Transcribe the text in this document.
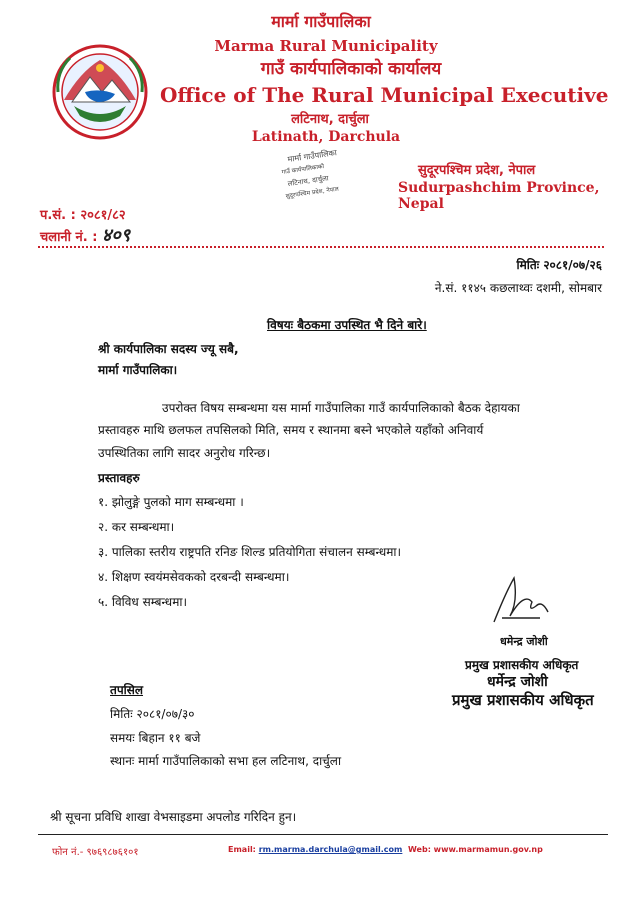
मार्मा गाउँपालिका
Marma Rural Municipality
गाउँ कार्यपालिकाको कार्यालय
Office of The Rural Municipal Executive
लटिनाथ, दार्चुला
Latinath, Darchula
मार्मा गाउँपालिका
गाउँ कार्यपालिकाको
लटिनाथ, दार्चुला
सुदूरपश्चिम प्रदेश, नेपाल
सुदूरपश्चिम प्रदेश, नेपाल
Sudurpashchim Province, Nepal
प.सं. : २०८१/८२
चलानी नं. : ४०९
मितिः २०८१/०७/२६
ने.सं. ११४५ कछलाथ्वः दशमी, सोमबार
विषयः बैठकमा उपस्थित भै दिने बारे।
श्री कार्यपालिका सदस्य ज्यू सबै,
मार्मा गाउँपालिका।
उपरोक्त विषय सम्बन्धमा यस मार्मा गाउँपालिका गाउँ कार्यपालिकाको बैठक देहायका
प्रस्तावहरु माथि छलफल तपसिलको मिति, समय र स्थानमा बस्ने भएकोले यहाँको अनिवार्य
उपस्थितिका लागि सादर अनुरोध गरिन्छ।
प्रस्तावहरु
१. झोलुङ्गे पुलको माग सम्बन्धमा ।
२. कर सम्बन्धमा।
३. पालिका स्तरीय राष्ट्रपति रनिङ शिल्ड प्रतियोगिता संचालन सम्बन्धमा।
४. शिक्षण स्वयंमसेवकको दरबन्दी सम्बन्धमा।
५. विविध सम्बन्धमा।
धमेन्द्र जोशी
प्रमुख प्रशासकीय अधिकृत
धर्मेन्द्र जोशी
प्रमुख प्रशासकीय अधिकृत
तपसिल
मितिः २०८१/०७/३०
समयः बिहान ११ बजे
स्थानः मार्मा गाउँपालिकाको सभा हल लटिनाथ, दार्चुला
श्री सूचना प्रविधि शाखा वेभसाइडमा अपलोड गरिदिन हुन।
फोन नं.- ९७६९८७६१०१	Email: rm.marma.darchula@gmail.com Web: www.marmamun.gov.np
